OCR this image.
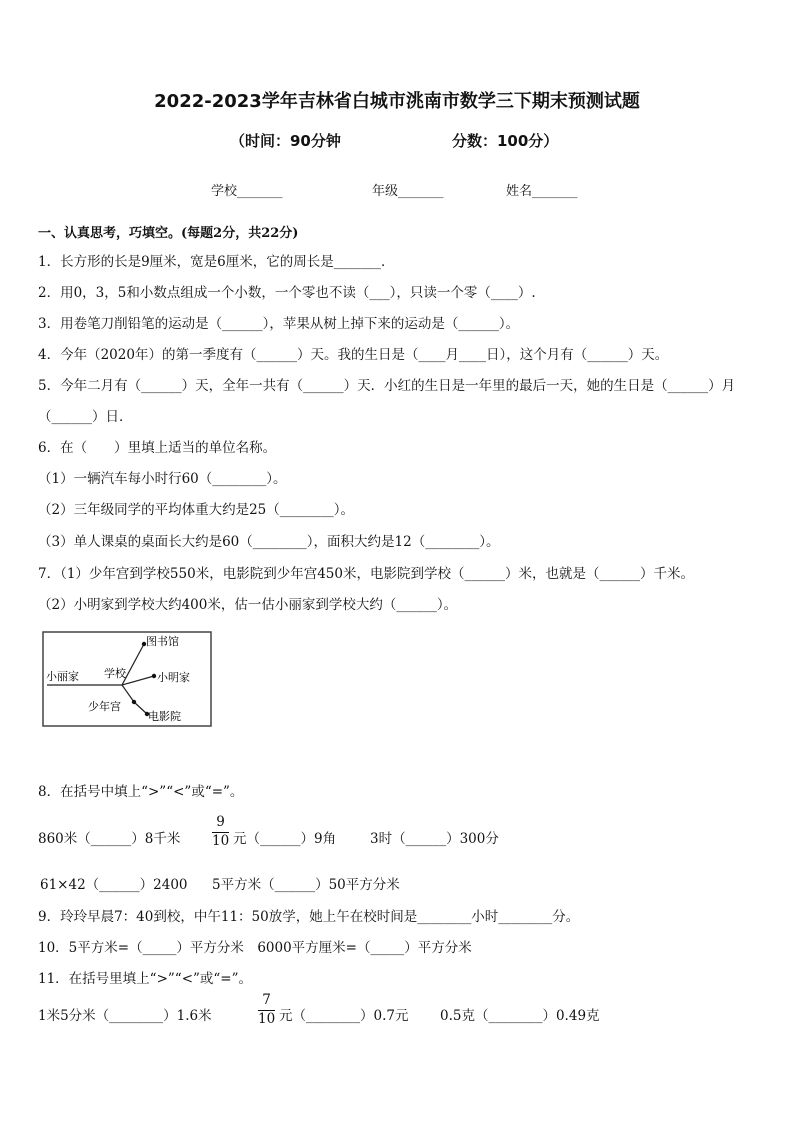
2022-2023学年吉林省白城市洮南市数学三下期末预测试题
（时间：90分钟	分数：100分）
学校_______	年级_______	姓名_______
一、认真思考，巧填空。(每题2分，共22分)
1．长方形的长是9厘米，宽是6厘米，它的周长是_______．
2．用0，3，5和小数点组成一个小数，一个零也不读（___），只读一个零（____）.
3．用卷笔刀削铅笔的运动是（______），苹果从树上掉下来的运动是（______）。
4．今年（2020年）的第一季度有（______）天。我的生日是（____月____日），这个月有（______）天。
5．今年二月有（______）天，全年一共有（______）天．小红的生日是一年里的最后一天，她的生日是（______）月
（______）日．
6．在（　　）里填上适当的单位名称。
（1）一辆汽车每小时行60（________）。
（2）三年级同学的平均体重大约是25（________）。
（3）单人课桌的桌面长大约是60（________），面积大约是12（________）。
7．（1）少年宫到学校550米，电影院到少年宫450米，电影院到学校（______）米，也就是（______）千米。
（2）小明家到学校大约400米，估一估小丽家到学校大约（______）。
图书馆
小丽家 学校	小明家
少年宫
电影院
8．在括号中填上“>”“<”或“=”。
860米（______）8千米 $\frac{9}{10}$ 元（______）9角	3时（______）300分
61×42（______）2400 5平方米（______）50平方分米
9．玲玲早晨7：40到校，中午11：50放学，她上午在校时间是________小时________分。
10．5平方米=（_____）平方分米　6000平方厘米=（_____）平方分米
11．在括号里填上“>”“<”或“=”。
1米5分米（________）1.6米	$\frac{7}{10}$ 元（________）0.7元 0.5克（________）0.49克
